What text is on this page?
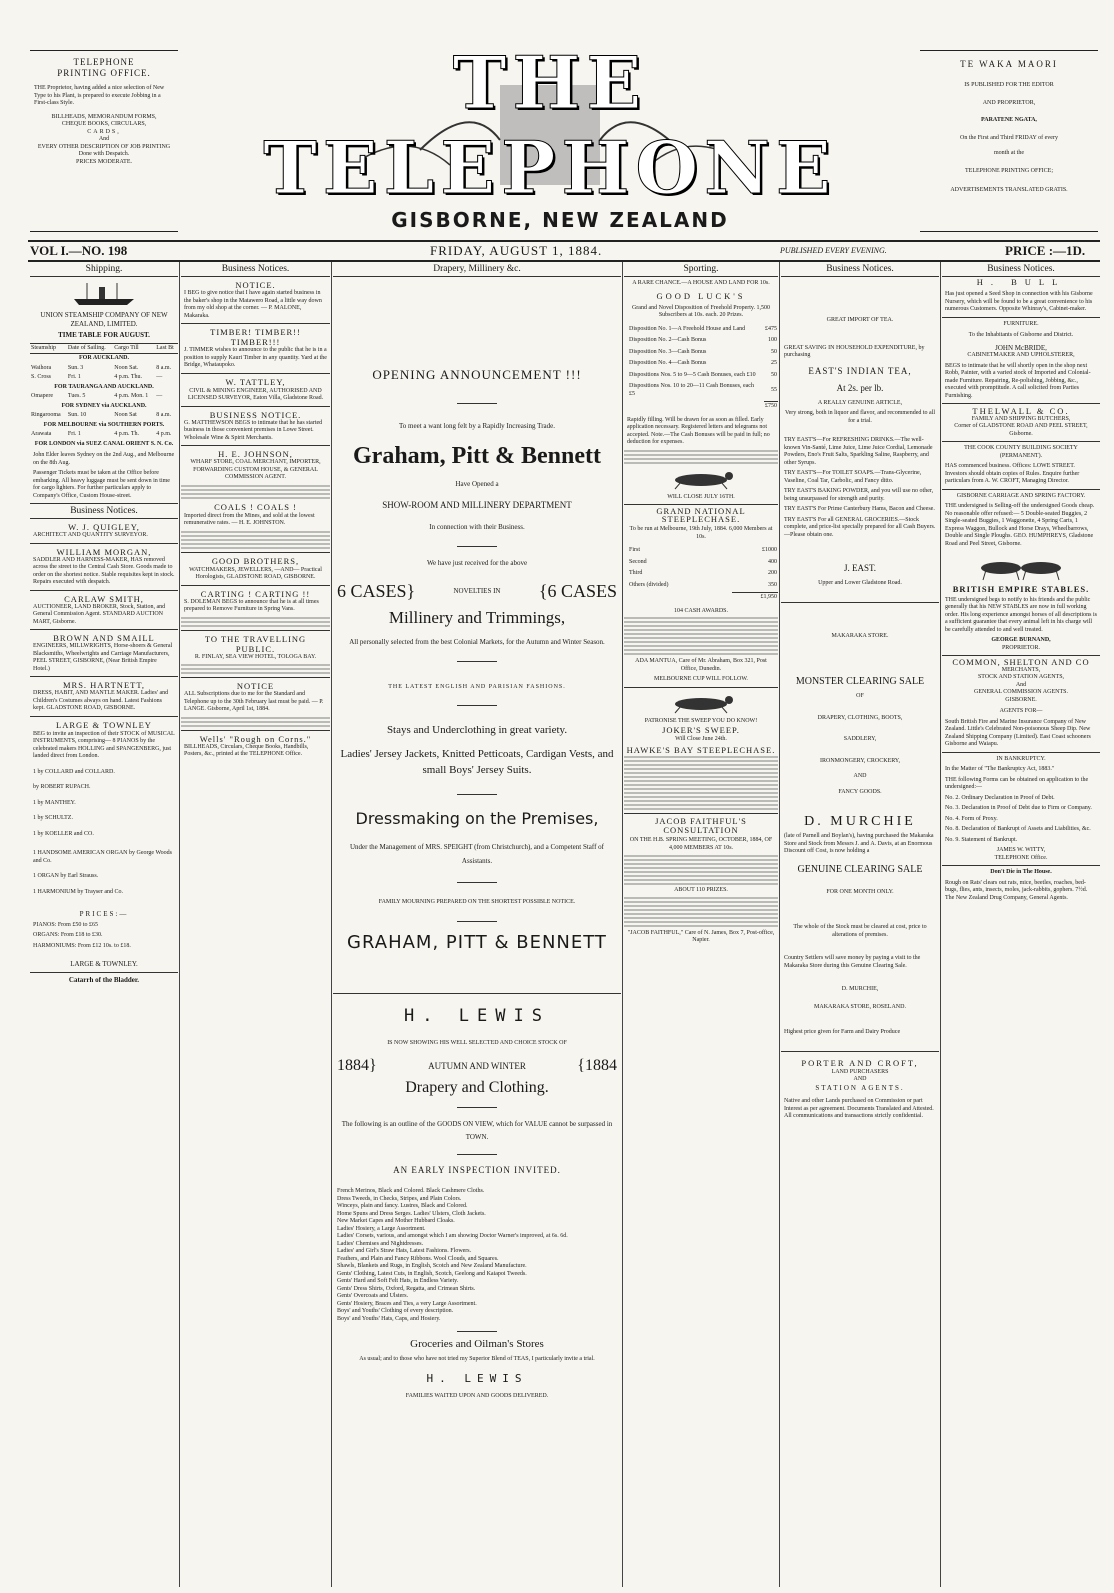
TELEPHONE
PRINTING OFFICE.
THE Proprietor, having added a nice selection of New Type to his Plant, is prepared to execute Jobbing in a First-class Style.
BILLHEADS, MEMORANDUM FORMS,
CHEQUE BOOKS, CIRCULARS,
CARDS,
And
EVERY OTHER DESCRIPTION OF JOB PRINTING
Done with Despatch.
PRICES MODERATE.
THE TELEPHONE
GISBORNE, NEW ZEALAND
TE WAKA MAORI
IS PUBLISHED FOR THE EDITOR
AND PROPRIETOR,
PARATENE NGATA,
On the First and Third FRIDAY of every
month at the
TELEPHONE PRINTING OFFICE;
ADVERTISEMENTS TRANSLATED GRATIS.
VOL I.—NO. 198	FRIDAY, AUGUST 1, 1884.	PUBLISHED EVERY EVENING.	PRICE :—1D.
Shipping.
UNION STEAMSHIP COMPANY OF NEW ZEALAND, LIMITED.
TIME TABLE FOR AUGUST.
Steamship	Date of Sailing.	Cargo Till	Last Bt
FOR AUCKLAND.			
Waihora	Sun. 3	Noon Sat.	8 a.m.
S. Cross	Fri. 1	4 p.m. Thu.	—
FOR TAURANGA AND AUCKLAND.			
Omapere	Tues. 5	4 p.m. Mon. 1	—
FOR SYDNEY via AUCKLAND.			
Ringarooma	Sun. 10	Noon Sat	8 a.m.
FOR MELBOURNE via SOUTHERN PORTS.			
Arawata	Fri. 1	4 p.m. Th.	4 p.m.
FOR LONDON via SUEZ CANAL ORIENT S. N. Co.			
John Elder leaves Sydney on the 2nd Aug., and Melbourne on the 8th Aug.
Passenger Tickets must be taken at the Office before embarking. All heavy luggage must be sent down in time for cargo lighters. For further particulars apply to Company's Office, Custom House-street.
Business Notices.
W. J. QUIGLEY,
ARCHITECT AND QUANTITY SURVEYOR.
WILLIAM MORGAN,
SADDLER AND HARNESS-MAKER, HAS removed across the street to the Central Cash Store. Goods made to order on the shortest notice. Stable requisites kept in stock. Repairs executed with despatch.
CARLAW SMITH,
AUCTIONEER, LAND BROKER, Stock, Station, and General Commission Agent. STANDARD AUCTION MART, Gisborne.
BROWN AND SMAILL
ENGINEERS, MILLWRIGHTS, Horse-shoers & General Blacksmiths, Wheelwrights and Carriage Manufacturers, PEEL STREET, GISBORNE, (Near British Empire Hotel.)
MRS. HARTNETT,
DRESS, HABIT, AND MANTLE MAKER. Ladies' and Children's Costumes always on hand. Latest Fashions kept. GLADSTONE ROAD, GISBORNE.
LARGE & TOWNLEY
BEG to invite an inspection of their STOCK of MUSICAL INSTRUMENTS, comprising— 8 PIANOS by the celebrated makers HOLLING and SPANGENBERG, just landed direct from London.
1 by COLLARD and COLLARD.
by ROBERT RUPACH.
1 by MANTHEY.
1 by SCHULTZ.
1 by KOELLER and CO.
1 HANDSOME AMERICAN ORGAN by George Woods and Co.
1 ORGAN by Earl Strauss.
1 HARMONIUM by Trayser and Co.
PRICES:—
PIANOS: From £50 to £65
ORGANS: From £18 to £30.
HARMONIUMS: From £12 10s. to £18.
LARGE & TOWNLEY.
Catarrh of the Bladder.
Business Notices.
NOTICE.
I BEG to give notice that I have again started business in the baker's shop in the Matawero Road, a little way down from my old shop at the corner. — P. MALONE, Makaraka.
TIMBER! TIMBER!! TIMBER!!!
J. TIMMER wishes to announce to the public that he is in a position to supply Kauri Timber in any quantity. Yard at the Bridge, Whataupoko.
W. TATTLEY,
CIVIL & MINING ENGINEER, AUTHORISED AND LICENSED SURVEYOR, Eaton Villa, Gladstone Road.
BUSINESS NOTICE.
G. MATTHEWSON BEGS to intimate that he has started business in those convenient premises in Lowe Street. Wholesale Wine & Spirit Merchants.
H. E. JOHNSON,
WHARF STORE, COAL MERCHANT, IMPORTER, FORWARDING CUSTOM HOUSE, & GENERAL COMMISSION AGENT.
COALS ! COALS !
Imported direct from the Mines, and sold at the lowest remunerative rates. — H. E. JOHNSTON.
GOOD BROTHERS,
WATCHMAKERS, JEWELLERS, —AND— Practical Horologists, GLADSTONE ROAD, GISBORNE.
CARTING ! CARTING !!
S. DOLEMAN BEGS to announce that he is at all times prepared to Remove Furniture in Spring Vans.
TO THE TRAVELLING PUBLIC.
R. FINLAY, SEA VIEW HOTEL, TOLOGA BAY.
NOTICE
ALL Subscriptions due to me for the Standard and Telephone up to the 30th February last must be paid. — P. LANGE. Gisborne, April 1st, 1884.
Wells' "Rough on Corns."
BILLHEADS, Circulars, Cheque Books, Handbills, Posters, &c., printed at the TELEPHONE Office.
Drapery, Millinery &c.
OPENING ANNOUNCEMENT !!!
To meet a want long felt by a Rapidly Increasing Trade.
Graham, Pitt & Bennett
Have Opened a
SHOW-ROOM AND MILLINERY DEPARTMENT
In connection with their Business.
We have just received for the above
6 CASES}	NOVELTIES IN {6 CASES
Millinery and Trimmings,
All personally selected from the best Colonial Markets, for the Autumn and Winter Season.
THE LATEST ENGLISH AND PARISIAN FASHIONS.
Stays and Underclothing in great variety.
Ladies' Jersey Jackets, Knitted Petticoats, Cardigan Vests, and small Boys' Jersey Suits.
Dressmaking on the Premises,
Under the Management of MRS. SPEIGHT (from Christchurch), and a Competent Staff of Assistants.
FAMILY MOURNING PREPARED ON THE SHORTEST POSSIBLE NOTICE.
GRAHAM, PITT & BENNETT
H. LEWIS
IS NOW SHOWING HIS WELL SELECTED AND CHOICE STOCK OF
1884}	AUTUMN AND WINTER	{1884
Drapery and Clothing.
The following is an outline of the GOODS ON VIEW, which for VALUE cannot be surpassed in TOWN.
AN EARLY INSPECTION INVITED.
French Merinos, Black and Colored. Black Cashmere Cloths.
Dress Tweeds, in Checks, Stripes, and Plain Colors.
Winceys, plain and fancy. Lustres, Black and Colored.
Home Spuns and Dress Serges. Ladies' Ulsters, Cloth Jackets.
New Market Capes and Mother Hubbard Cloaks.
Ladies' Hosiery, a Large Assortment.
Ladies' Corsets, various, and amongst which I am showing Doctor Warner's improved, at 6s. 6d.
Ladies' Chemises and Nightdresses.
Ladies' and Girl's Straw Hats, Latest Fashions. Flowers.
Feathers, and Plain and Fancy Ribbons. Wool Clouds, and Squares.
Shawls, Blankets and Rugs, in English, Scotch and New Zealand Manufacture.
Gents' Clothing, Latest Cuts, in English, Scotch, Geelong and Kaiapoi Tweeds.
Gents' Hard and Soft Felt Hats, in Endless Variety.
Gents' Dress Shirts, Oxford, Regatta, and Crimean Shirts.
Gents' Overcoats and Ulsters.
Gents' Hosiery, Braces and Ties, a very Large Assortment.
Boys' and Youths' Clothing of every description.
Boys' and Youths' Hats, Caps, and Hosiery.
Groceries and Oilman's Stores
As usual; and to those who have not tried my Superior Blend of TEAS, I particularly invite a trial.
H. LEWIS
FAMILIES WAITED UPON AND GOODS DELIVERED.
Sporting.
A RARE CHANCE.—A HOUSE AND LAND FOR 10s.
GOOD LUCK'S
Grand and Novel Disposition of Freehold Property. 1,500 Subscribers at 10s. each. 20 Prizes.
Disposition No. 1—A Freehold House and Land	£475
Disposition No. 2—Cash Bonus	100
Disposition No. 3—Cash Bonus	50
Disposition No. 4—Cash Bonus	25
Dispositions Nos. 5 to 9—5 Cash Bonuses, each £10	50
Dispositions Nos. 10 to 20—11 Cash Bonuses, each £5	55
	£750
Rapidly filling. Will be drawn for as soon as filled. Early application necessary. Registered letters and telegrams not accepted. Note.—The Cash Bonuses will be paid in full; no deduction for expenses.
WILL CLOSE JULY 16TH.
GRAND NATIONAL STEEPLECHASE.
To be run at Melbourne, 19th July, 1884. 6,000 Members at 10s.
First	£1000
Second	400
Third	200
Others (divided)	350
	£1,950
104 CASH AWARDS.
ADA MANTUA, Care of Mr. Abraham, Box 321, Post Office, Dunedin.
MELBOURNE CUP WILL FOLLOW.
PATRONISE THE SWEEP YOU DO KNOW!
JOKER'S SWEEP.
Will Close June 24th.
HAWKE'S BAY STEEPLECHASE.
JACOB FAITHFUL'S
CONSULTATION
ON THE H.B. SPRING MEETING, OCTOBER, 1884, OF 4,000 MEMBERS AT 10s.
ABOUT 110 PRIZES.
"JACOB FAITHFUL," Care of N. James, Box 7, Post-office, Napier.
Business Notices.
GREAT IMPORT OF TEA.
GREAT SAVING IN HOUSEHOLD EXPENDITURE, by purchasing
EAST'S INDIAN TEA,
At 2s. per lb.
A REALLY GENUINE ARTICLE,
Very strong, both in liquor and flavor, and recommended to all for a trial.
TRY EAST'S—For REFRESHING DRINKS.—The well-known Vin-Santé, Lime Juice, Lime Juice Cordial, Lemonade Powders, Eno's Fruit Salts, Sparkling Saline, Raspberry, and other Syrups.
TRY EAST'S—For TOILET SOAPS.—Trans-Glycerine, Vaseline, Coal Tar, Carbolic, and Fancy ditto.
TRY EAST'S BAKING POWDER, and you will use no other, being unsurpassed for strength and purity.
TRY EAST'S For Prime Canterbury Hams, Bacon and Cheese.
TRY EAST'S For all GENERAL GROCERIES.—Stock complete, and price-list specially prepared for all Cash Buyers.—Please obtain one.
J. EAST.
Upper and Lower Gladstone Road.
MAKARAKA STORE.
MONSTER CLEARING SALE
OF
DRAPERY, CLOTHING, BOOTS,
SADDLERY,
IRONMONGERY, CROCKERY,
AND
FANCY GOODS.
D. MURCHIE
(late of Parnell and Boylan's), having purchased the Makaraka Store and Stock from Messrs J. and A. Davis, at an Enormous Discount off Cost, is now holding a
GENUINE CLEARING SALE
FOR ONE MONTH ONLY.
The whole of the Stock must be cleared at cost, price to alterations of premises.
Country Settlers will save money by paying a visit to the Makaraka Store during this Genuine Clearing Sale.
D. MURCHIE,
MAKARAKA STORE, ROSELAND.
Highest price given for Farm and Dairy Produce
PORTER AND CROFT,
LAND PURCHASERS
AND
STATION AGENTS.
Native and other Lands purchased on Commission or part Interest as per agreement. Documents Translated and Attested. All communications and transactions strictly confidential.
Business Notices.
H. BULL
Has just opened a Seed Shop in connection with his Gisborne Nursery, which will be found to be a great convenience to his numerous Customers. Opposite Whinray's, Cabinet-maker.
FURNITURE.
To the Inhabitants of Gisborne and District.
JOHN McBRIDE,
CABINETMAKER AND UPHOLSTERER,
BEGS to intimate that he will shortly open in the shop next Robb, Painter, with a varied stock of Imported and Colonial-made Furniture. Repairing, Re-polishing, Jobbing, &c., executed with promptitude. A call solicited from Parties Furnishing.
THELWALL & CO.
FAMILY AND SHIPPING BUTCHERS,
Corner of GLADSTONE ROAD AND PEEL STREET, Gisborne.
THE COOK COUNTY BUILDING SOCIETY (PERMANENT).
HAS commenced business. Offices: LOWE STREET. Investors should obtain copies of Rules. Enquire further particulars from A. W. CROFT, Managing Director.
GISBORNE CARRIAGE AND SPRING FACTORY.
THE undersigned is Selling-off the undersigned Goods cheap. No reasonable offer refused:— 5 Double-seated Buggies, 2 Single-seated Buggies, 1 Waggonette, 4 Spring Carts, 1 Express Waggon, Bullock and Horse Drays, Wheelbarrows, Double and Single Ploughs. GEO. HUMPHREYS, Gladstone Road and Peel Street, Gisborne.
BRITISH EMPIRE STABLES.
THE undersigned begs to notify to his friends and the public generally that his NEW STABLES are now in full working order. His long experience amongst horses of all descriptions is a sufficient guarantee that every animal left in his charge will be carefully attended to and well treated.
GEORGE BURNAND,
PROPRIETOR.
COMMON, SHELTON AND CO
MERCHANTS,
STOCK AND STATION AGENTS,
And
GENERAL COMMISSION AGENTS.
GISBORNE.
AGENTS FOR—
South British Fire and Marine Insurance Company of New Zealand. Little's Celebrated Non-poisonous Sheep Dip. New Zealand Shipping Company (Limited). East Coast schooners Gisborne and Waiapu.
IN BANKRUPTCY.
In the Matter of "The Bankruptcy Act, 1883."
THE following Forms can be obtained on application to the undersigned:—
No. 2. Ordinary Declaration in Proof of Debt.
No. 3. Declaration in Proof of Debt due to Firm or Company.
No. 4. Form of Proxy.
No. 8. Declaration of Bankrupt of Assets and Liabilities, &c.
No. 9. Statement of Bankrupt.
JAMES W. WITTY,
TELEPHONE Office.
Don't Die in The House.
Rough on Rats' clears out rats, mice, beetles, roaches, bed-bugs, flies, ants, insects, moles, jack-rabbits, gophers. 7½d. The New Zealand Drug Company, General Agents.
